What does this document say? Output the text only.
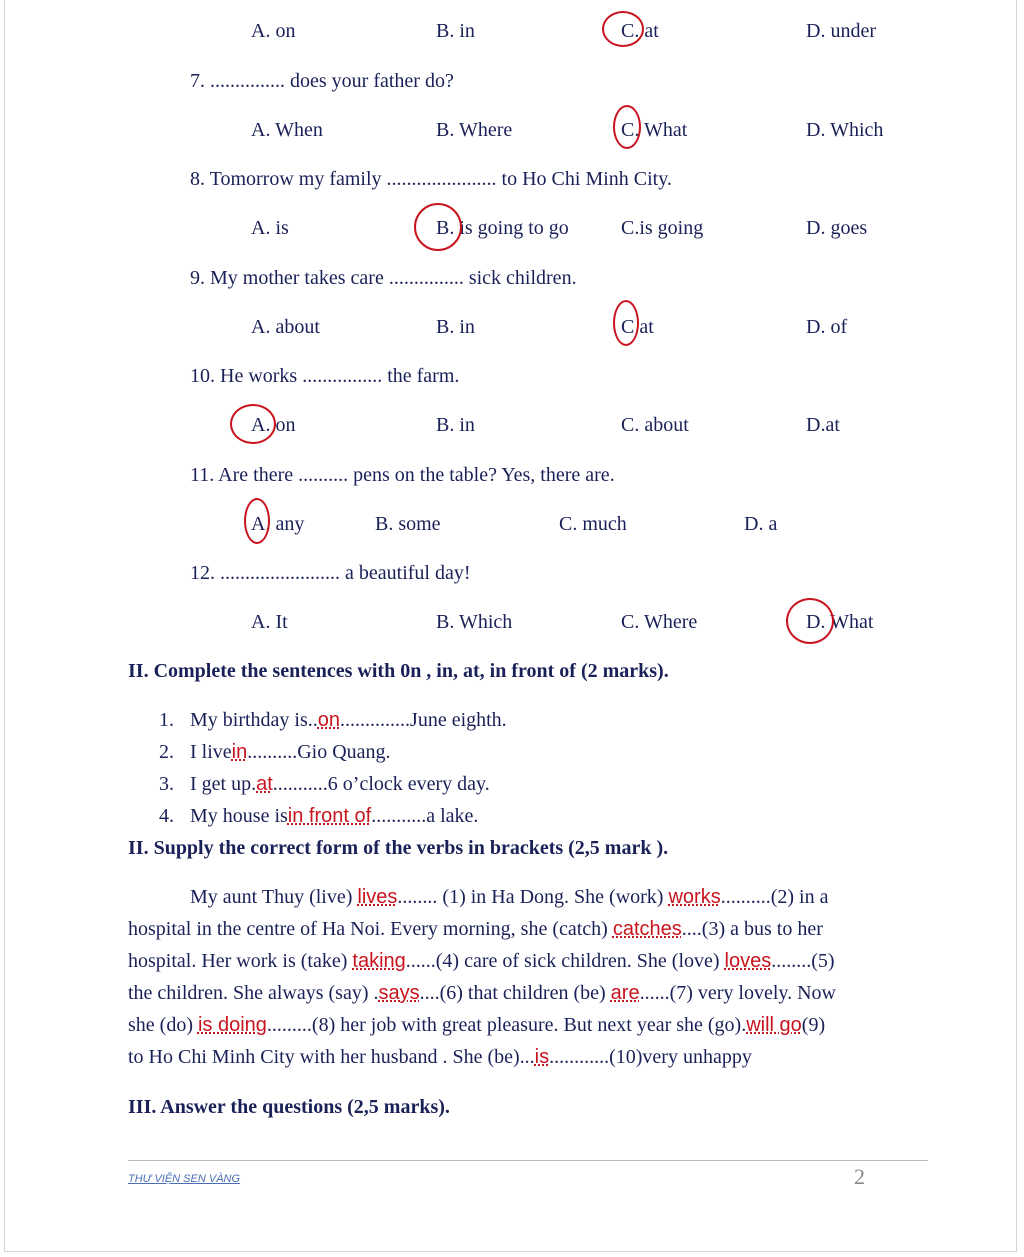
A. on	B. in	C. at	D. under
7. ............... does your father do?
A. When	B. Where	C. What	D. Which
8. Tomorrow my family ...................... to Ho Chi Minh City.
A. is	B. is going to go	C.is going	D. goes
9. My mother takes care ............... sick children.
A. about	B. in	C at	D. of
10. He works ................ the farm.
A. on	B. in	C. about	D.at
11. Are there .......... pens on the table? Yes, there are.
A. any	B. some	C. much	D. a
12. ........................ a beautiful day!
A. It	B. Which	C. Where	D. What
II. Complete the sentences with 0n , in, at, in front of (2 marks).
1. My birthday is..on..............June eighth.
2. I livein..........Gio Quang.
3. I get up.at...........6 o’clock every day.
4. My house isin front of...........a lake.
II. Supply the correct form of the verbs in brackets (2,5 mark ).
My aunt Thuy (live) lives........ (1) in Ha Dong. She (work) works..........(2) in a
hospital in the centre of Ha Noi. Every morning, she (catch) catches....(3) a bus to her
hospital. Her work is (take) taking......(4) care of sick children. She (love) loves........(5)
the children. She always (say) .says....(6) that children (be) are......(7) very lovely. Now
she (do) is doing.........(8) her job with great pleasure. But next year she (go).will go(9)
to Ho Chi Minh City with her husband . She (be)...is............(10)very unhappy
III. Answer the questions (2,5 marks).
THƯ VIỆN SEN VÀNG	2
